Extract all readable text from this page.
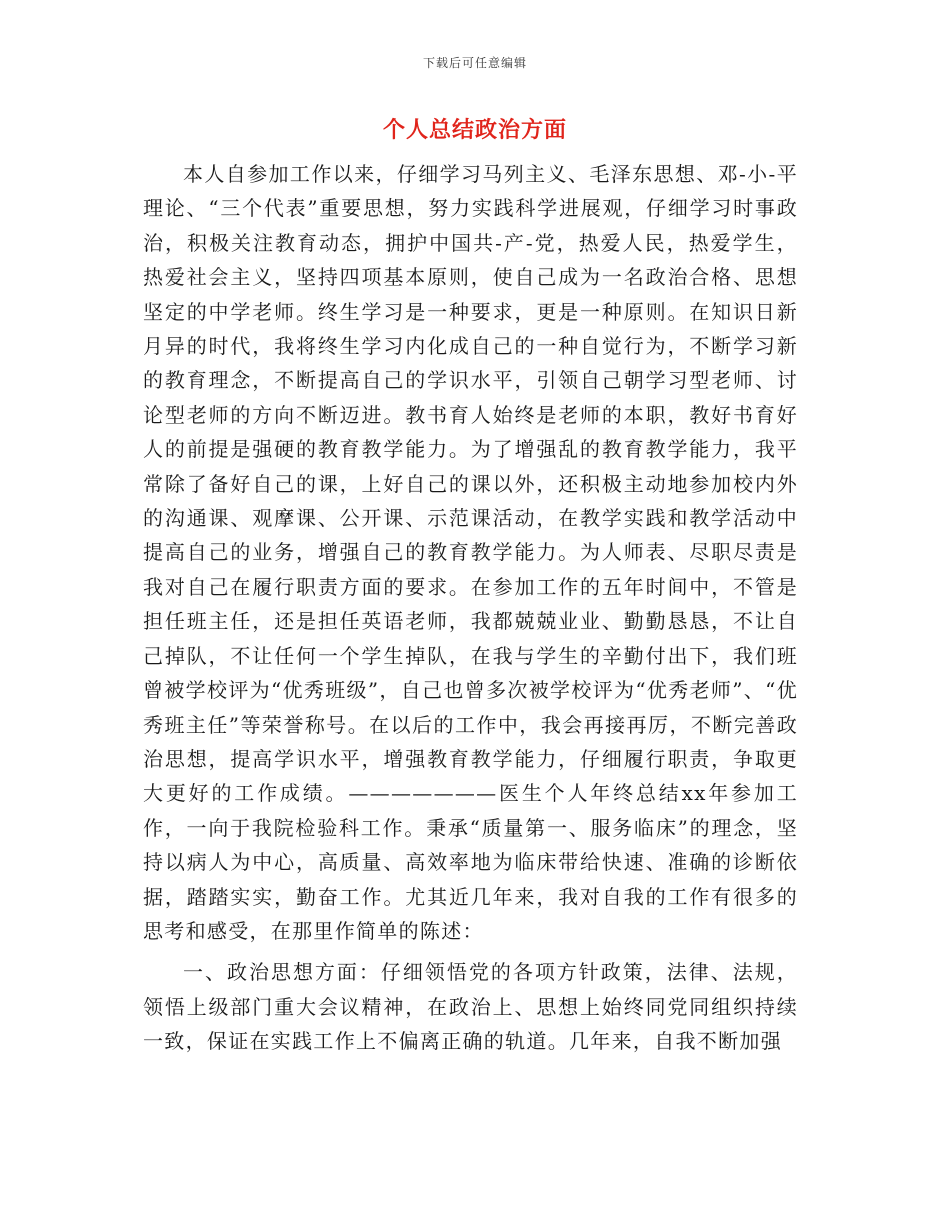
下载后可任意编辑
个人总结政治方面

本人自参加工作以来，仔细学习马列主义、毛泽东思想、邓-小-平理论、“三个代表”重要思想，努力实践科学进展观，仔细学习时事政治，积极关注教育动态，拥护中国共-产-党，热爱人民，热爱学生，热爱社会主义，坚持四项基本原则，使自己成为一名政治合格、思想坚定的中学老师。终生学习是一种要求，更是一种原则。在知识日新月异的时代，我将终生学习内化成自己的一种自觉行为，不断学习新的教育理念，不断提高自己的学识水平，引领自己朝学习型老师、讨论型老师的方向不断迈进。教书育人始终是老师的本职，教好书育好人的前提是强硬的教育教学能力。为了增强乱的教育教学能力，我平常除了备好自己的课，上好自己的课以外，还积极主动地参加校内外的沟通课、观摩课、公开课、示范课活动，在教学实践和教学活动中提高自己的业务，增强自己的教育教学能力。为人师表、尽职尽责是我对自己在履行职责方面的要求。在参加工作的五年时间中，不管是担任班主任，还是担任英语老师，我都兢兢业业、勤勤恳恳，不让自己掉队，不让任何一个学生掉队，在我与学生的辛勤付出下，我们班曾被学校评为“优秀班级”，自己也曾多次被学校评为“优秀老师”、“优秀班主任”等荣誉称号。在以后的工作中，我会再接再厉，不断完善政治思想，提高学识水平，增强教育教学能力，仔细履行职责，争取更大更好的工作成绩。———————医生个人年终总结xx年参加工作，一向于我院检验科工作。秉承“质量第一、服务临床”的理念，坚持以病人为中心，高质量、高效率地为临床带给快速、准确的诊断依据，踏踏实实，勤奋工作。尤其近几年来，我对自我的工作有很多的思考和感受，在那里作简单的陈述：

一、政治思想方面：仔细领悟党的各项方针政策，法律、法规，领悟上级部门重大会议精神，在政治上、思想上始终同党同组织持续一致，保证在实践工作上不偏离正确的轨道。几年来，自我不断加强
